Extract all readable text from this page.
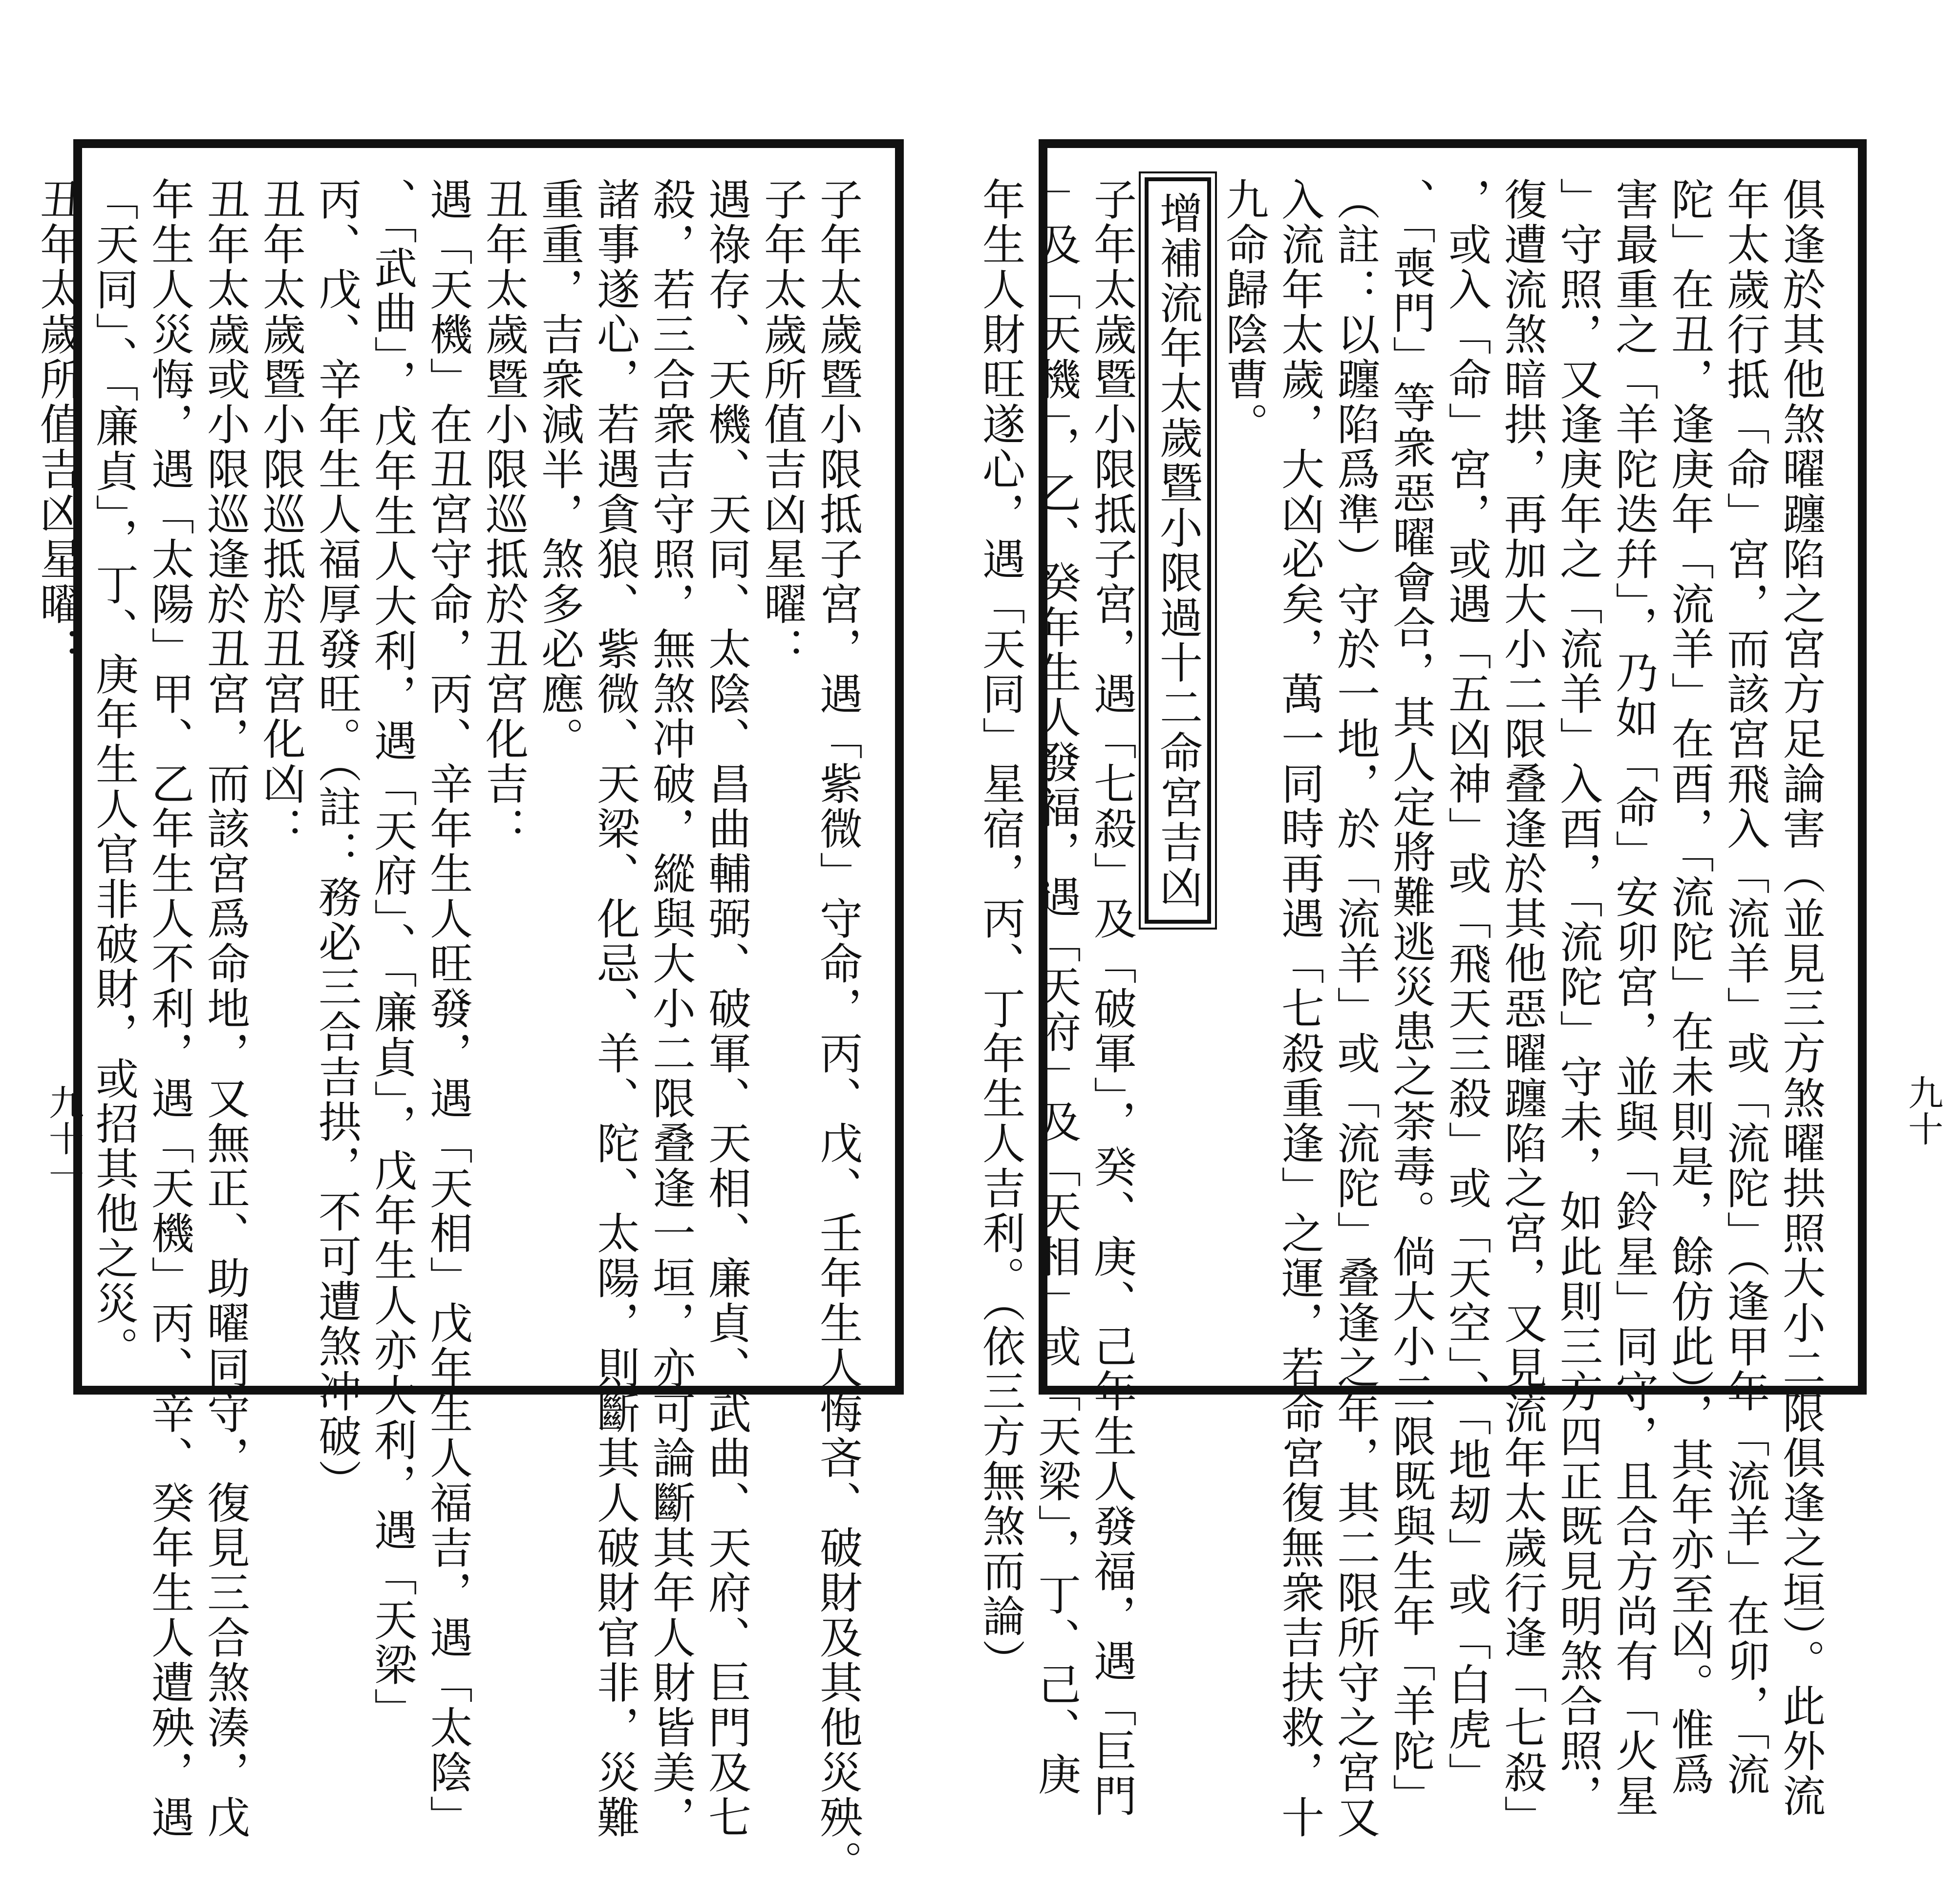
子年太歲暨小限抵子宮，遇「紫微」守命，丙、戊、壬年生人悔吝、破財及其他災殃。

子年太歲所值吉凶星曜：

遇祿存、天機、天同、太陰、昌曲輔弼、破軍、天相、廉貞、武曲、天府、巨門及七

殺，若三合衆吉守照，無煞冲破，縱與大小二限叠逢一垣，亦可論斷其年人財皆美，

諸事遂心，若遇貪狼、紫微、天梁、化忌、羊、陀、太陽，則斷其人破財官非，災難

重重，吉衆減半，煞多必應。

丑年太歲暨小限巡抵於丑宮化吉：

遇「天機」在丑宮守命，丙、辛年生人旺發，遇「天相」戊年生人福吉，遇「太陰」

、「武曲」，戊年生人大利，遇「天府」、「廉貞」，戊年生人亦大利，遇「天梁」

丙、戊、辛年生人福厚發旺。（註：務必三合吉拱，不可遭煞冲破）

丑年太歲暨小限巡抵於丑宮化凶：

丑年太歲或小限巡逢於丑宮，而該宮爲命地，又無正、助曜同守，復見三合煞湊，戊

年生人災悔，遇「太陽」甲、乙年生人不利，遇「天機」丙、辛、癸年生人遭殃，遇

「天同」、「廉貞」，丁、庚年生人官非破財，或招其他之災。

丑年太歲所值吉凶星曜：

九十一	俱逢於其他煞曜躔陷之宮方足論害（並見三方煞曜拱照大小二限俱逢之垣）。此外流

年太歲行抵「命」宮，而該宮飛入「流羊」或「流陀」（逢甲年「流羊」在卯，「流

陀」在丑，逢庚年「流羊」在酉，「流陀」在未則是，餘仿此），其年亦至凶。惟爲

害最重之「羊陀迭幷」，乃如「命」安卯宮，並與「鈴星」同守，且合方尚有「火星

」守照，又逢庚年之「流羊」入酉，「流陀」守未，如此則三方四正既見明煞合照，

復遭流煞暗拱，再加大小二限叠逢於其他惡曜躔陷之宮，又見流年太歲行逢「七殺」

，或入「命」宮，或遇「五凶神」或「飛天三殺」或「天空」、「地刼」或「白虎」

、「喪門」等衆惡曜會合，其人定將難逃災患之荼毒。倘大小二限既與生年「羊陀」

（註：以躔陷爲準）守於一地，於「流羊」或「流陀」叠逢之年，其二限所守之宮又

入流年太歲，大凶必矣，萬一同時再遇「七殺重逢」之運，若命宮復無衆吉扶救，十

九命歸陰曹。

增補流年太歲暨小限過十二命宮吉凶

子年太歲暨小限抵子宮，遇「七殺」及「破軍」，癸、庚、己年生人發福，遇「巨門

」及「天機」，乙、癸年生人發福，遇「天府」及「天相」或「天梁」，丁、己、庚

年生人財旺遂心，遇「天同」星宿，丙、丁年生人吉利。（依三方無煞而論）	九十
